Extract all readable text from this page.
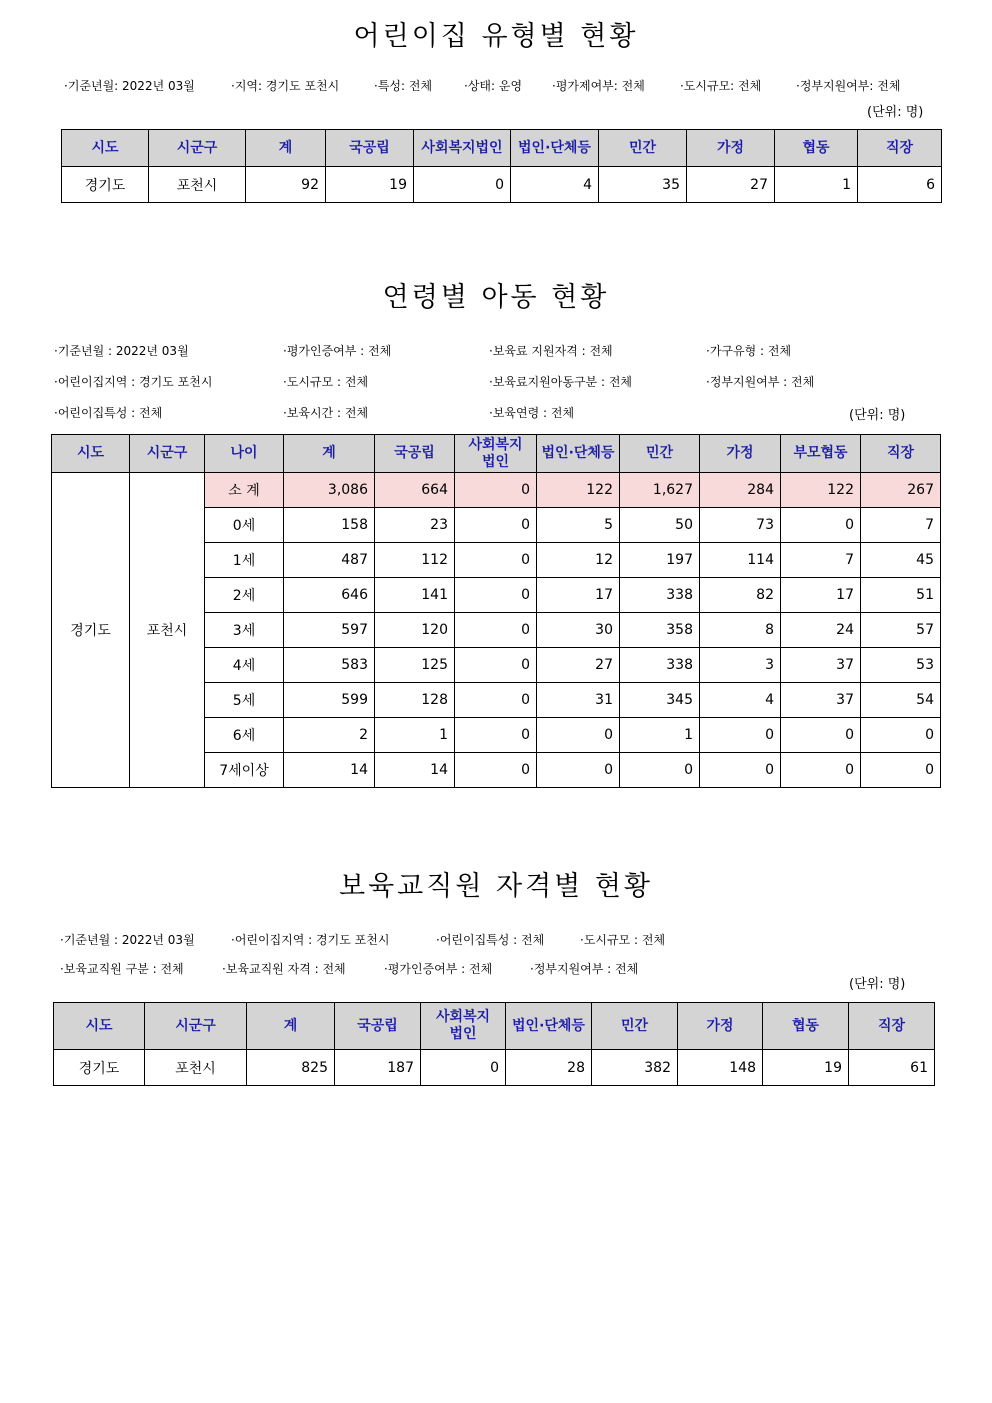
어린이집 유형별 현황
·기준년월: 2022년 03월	·지역: 경기도 포천시	·특성: 전체	·상태: 운영 ·평가제여부: 전체	·도시규모: 전체	·정부지원여부: 전체
(단위: 명)
시도	시군구	계	국공립	사회복지법인	법인·단체등	민간	가정	협동	직장
경기도	포천시	92	19	0	4	35	27	1	6
연령별 아동 현황
·기준년월 : 2022년 03월	·평가인증여부 : 전체	·보육료 지원자격 : 전체	·가구유형 : 전체
·어린이집지역 : 경기도 포천시	·도시규모 : 전체	·보육료지원아동구분 : 전체	·정부지원여부 : 전체
·어린이집특성 : 전체	·보육시간 : 전체	·보육연령 : 전체	(단위: 명)
시도	시군구	나이	계	국공립	사회복지법인	법인·단체등	민간	가정	부모협동	직장
경기도	포천시	소 계	3,086	664	0	122	1,627	284	122	267
		0세	158	23	0	5	50	73	0	7
		1세	487	112	0	12	197	114	7	45
		2세	646	141	0	17	338	82	17	51
		3세	597	120	0	30	358	8	24	57
		4세	583	125	0	27	338	3	37	53
		5세	599	128	0	31	345	4	37	54
		6세	2	1	0	0	1	0	0	0
		7세이상	14	14	0	0	0	0	0	0
보육교직원 자격별 현황
·기준년월 : 2022년 03월	·어린이집지역 : 경기도 포천시	·어린이집특성 : 전체	·도시규모 : 전체
·보육교직원 구분 : 전체	·보육교직원 자격 : 전체	·평가인증여부 : 전체	·정부지원여부 : 전체
(단위: 명)
시도	시군구	계	국공립	사회복지법인	법인·단체등	민간	가정	협동	직장
경기도	포천시	825	187	0	28	382	148	19	61
